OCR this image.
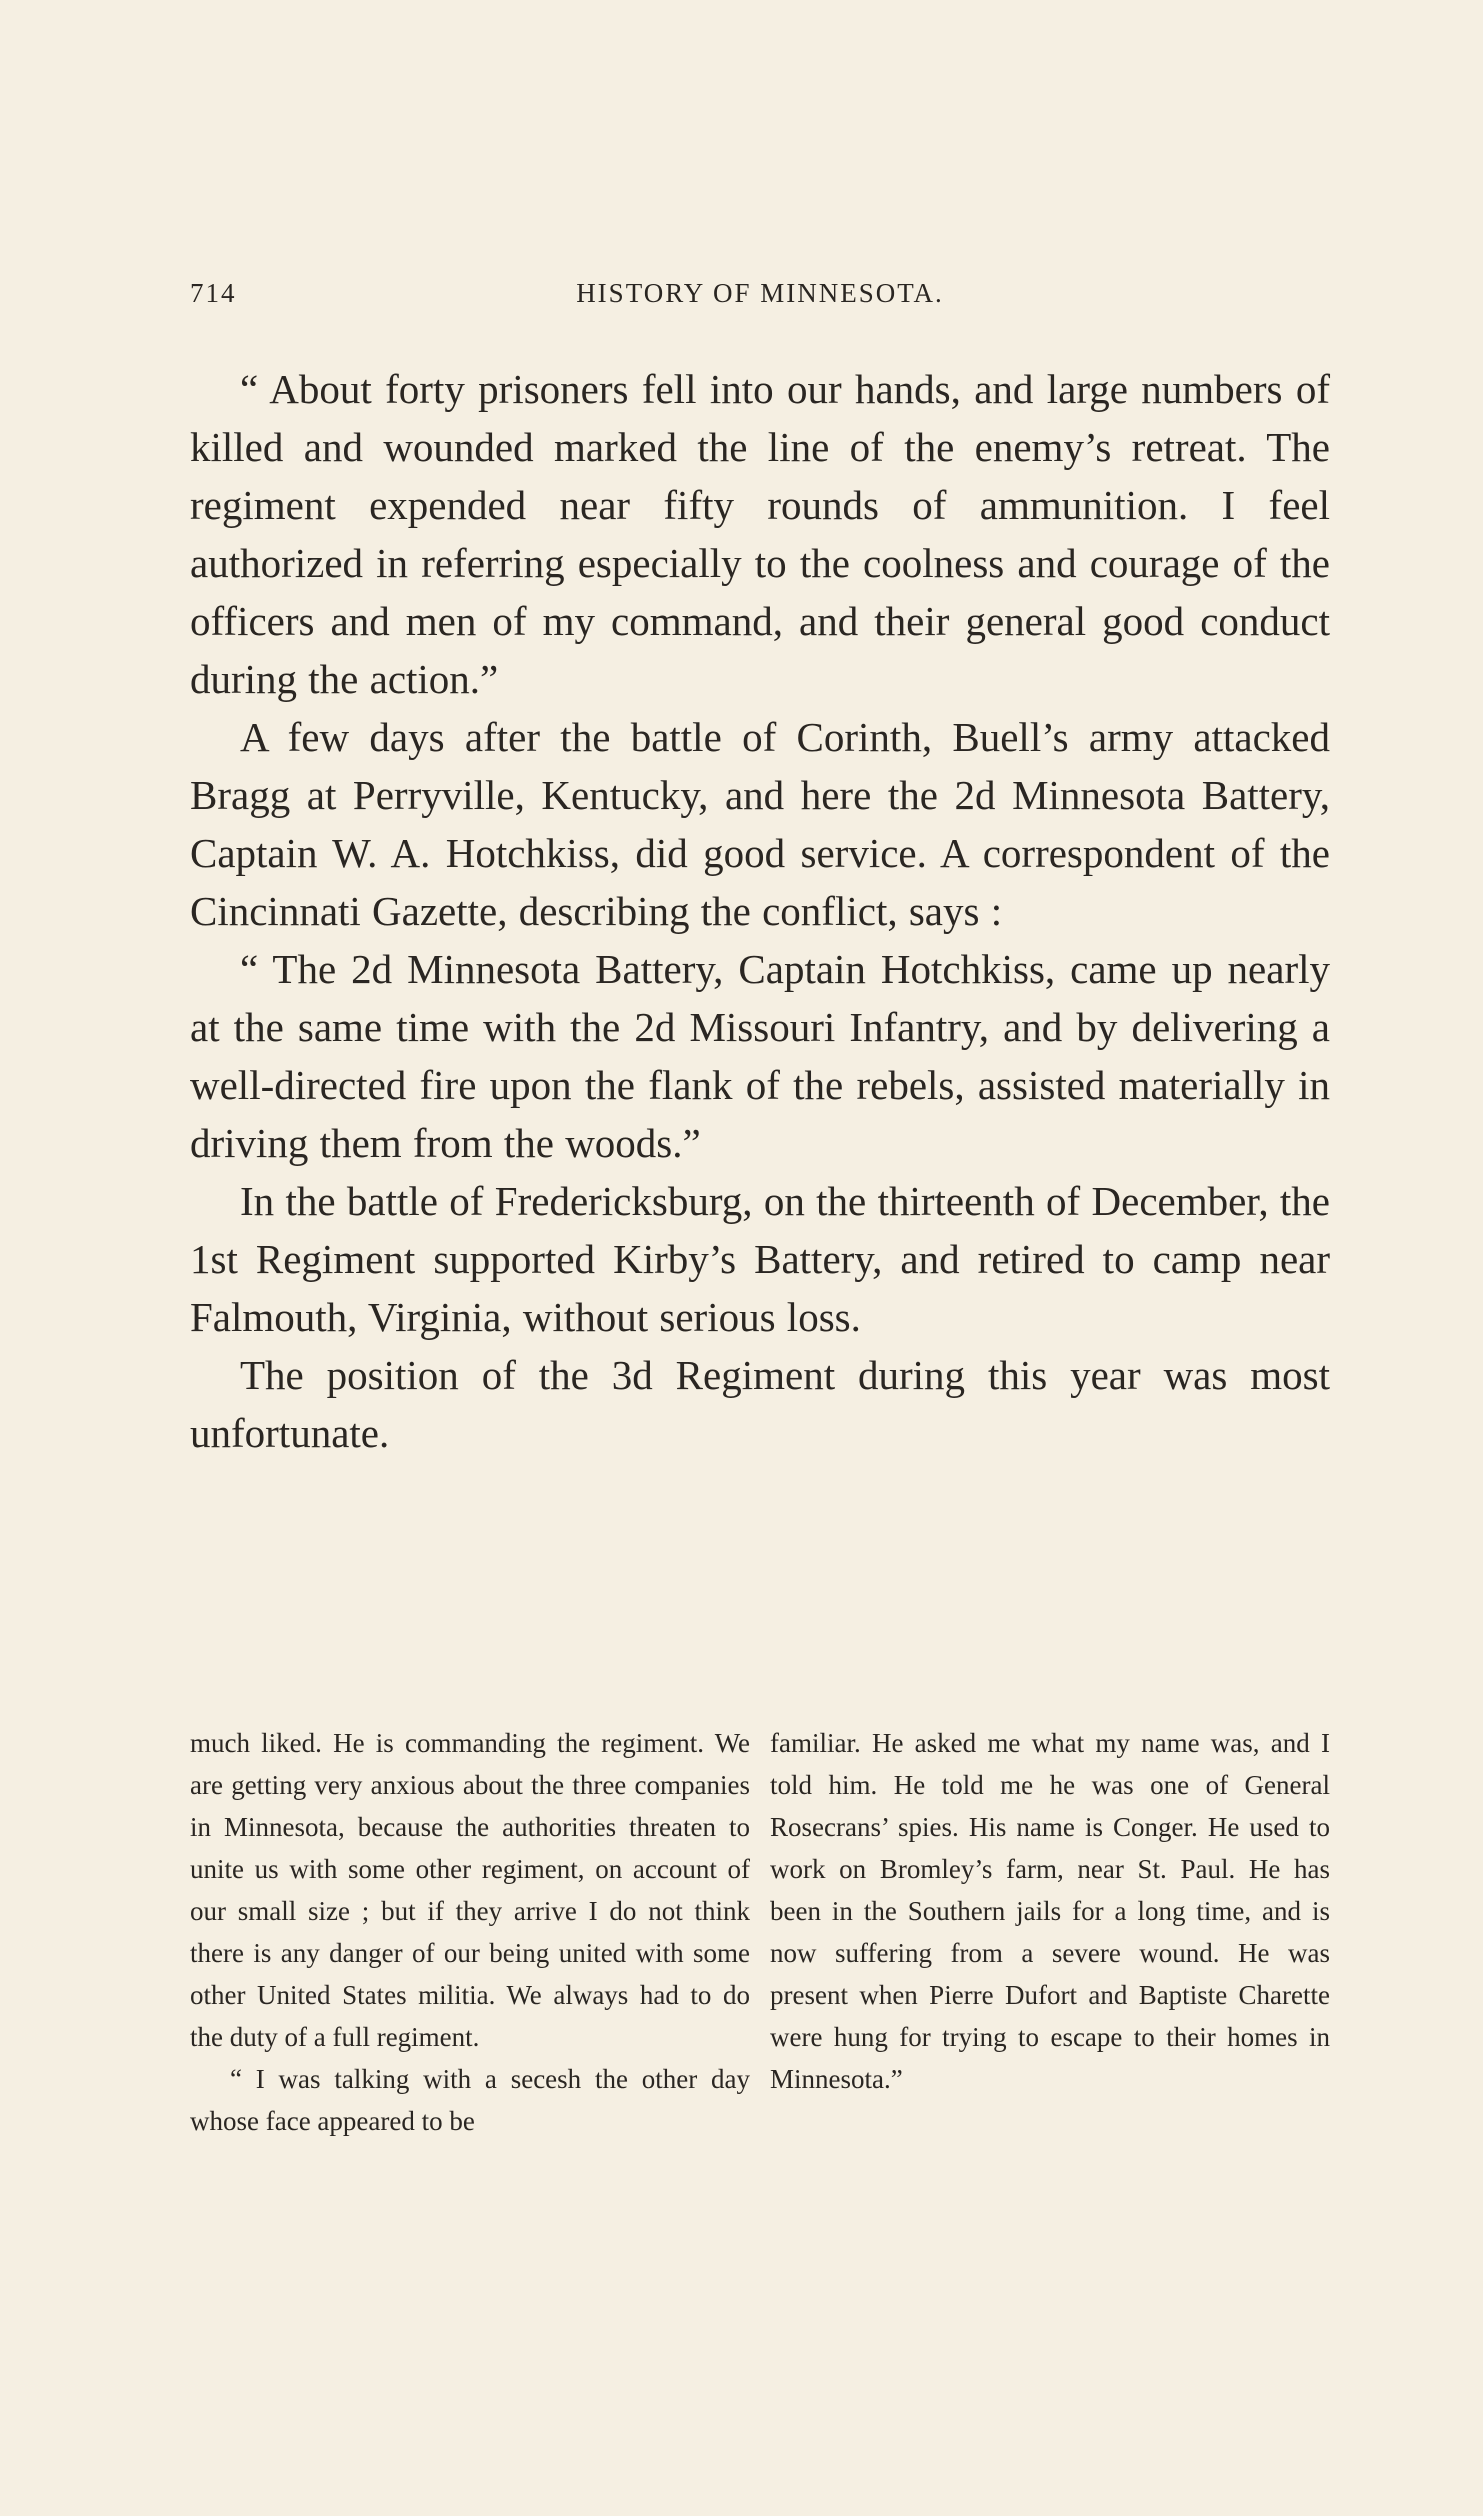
714	HISTORY OF MINNESOTA.

“ About forty prisoners fell into our hands, and large numbers of killed and wounded marked the line of the enemy’s retreat. The regiment expended near fifty rounds of ammunition. I feel authorized in referring especially to the coolness and courage of the officers and men of my command, and their general good conduct during the action.”

A few days after the battle of Corinth, Buell’s army attacked Bragg at Perryville, Kentucky, and here the 2d Minnesota Battery, Captain W. A. Hotchkiss, did good service. A correspondent of the Cincinnati Gazette, describing the conflict, says :

“ The 2d Minnesota Battery, Captain Hotchkiss, came up nearly at the same time with the 2d Missouri Infantry, and by delivering a well-directed fire upon the flank of the rebels, assisted materially in driving them from the woods.”

In the battle of Fredericksburg, on the thirteenth of December, the 1st Regiment supported Kirby’s Battery, and retired to camp near Falmouth, Virginia, without serious loss.

The position of the 3d Regiment during this year was most unfortunate.

much liked. He is commanding the regiment. We are getting very anxious about the three companies in Minnesota, because the authorities threaten to unite us with some other regiment, on account of our small size ; but if they arrive I do not think there is any danger of our being united with some other United States militia. We always had to do the duty of a full regiment.

“ I was talking with a secesh the other day whose face appeared to be

familiar. He asked me what my name was, and I told him. He told me he was one of General Rosecrans’ spies. His name is Conger. He used to work on Bromley’s farm, near St. Paul. He has been in the Southern jails for a long time, and is now suffering from a severe wound. He was present when Pierre Dufort and Baptiste Charette were hung for trying to escape to their homes in Minnesota.”
